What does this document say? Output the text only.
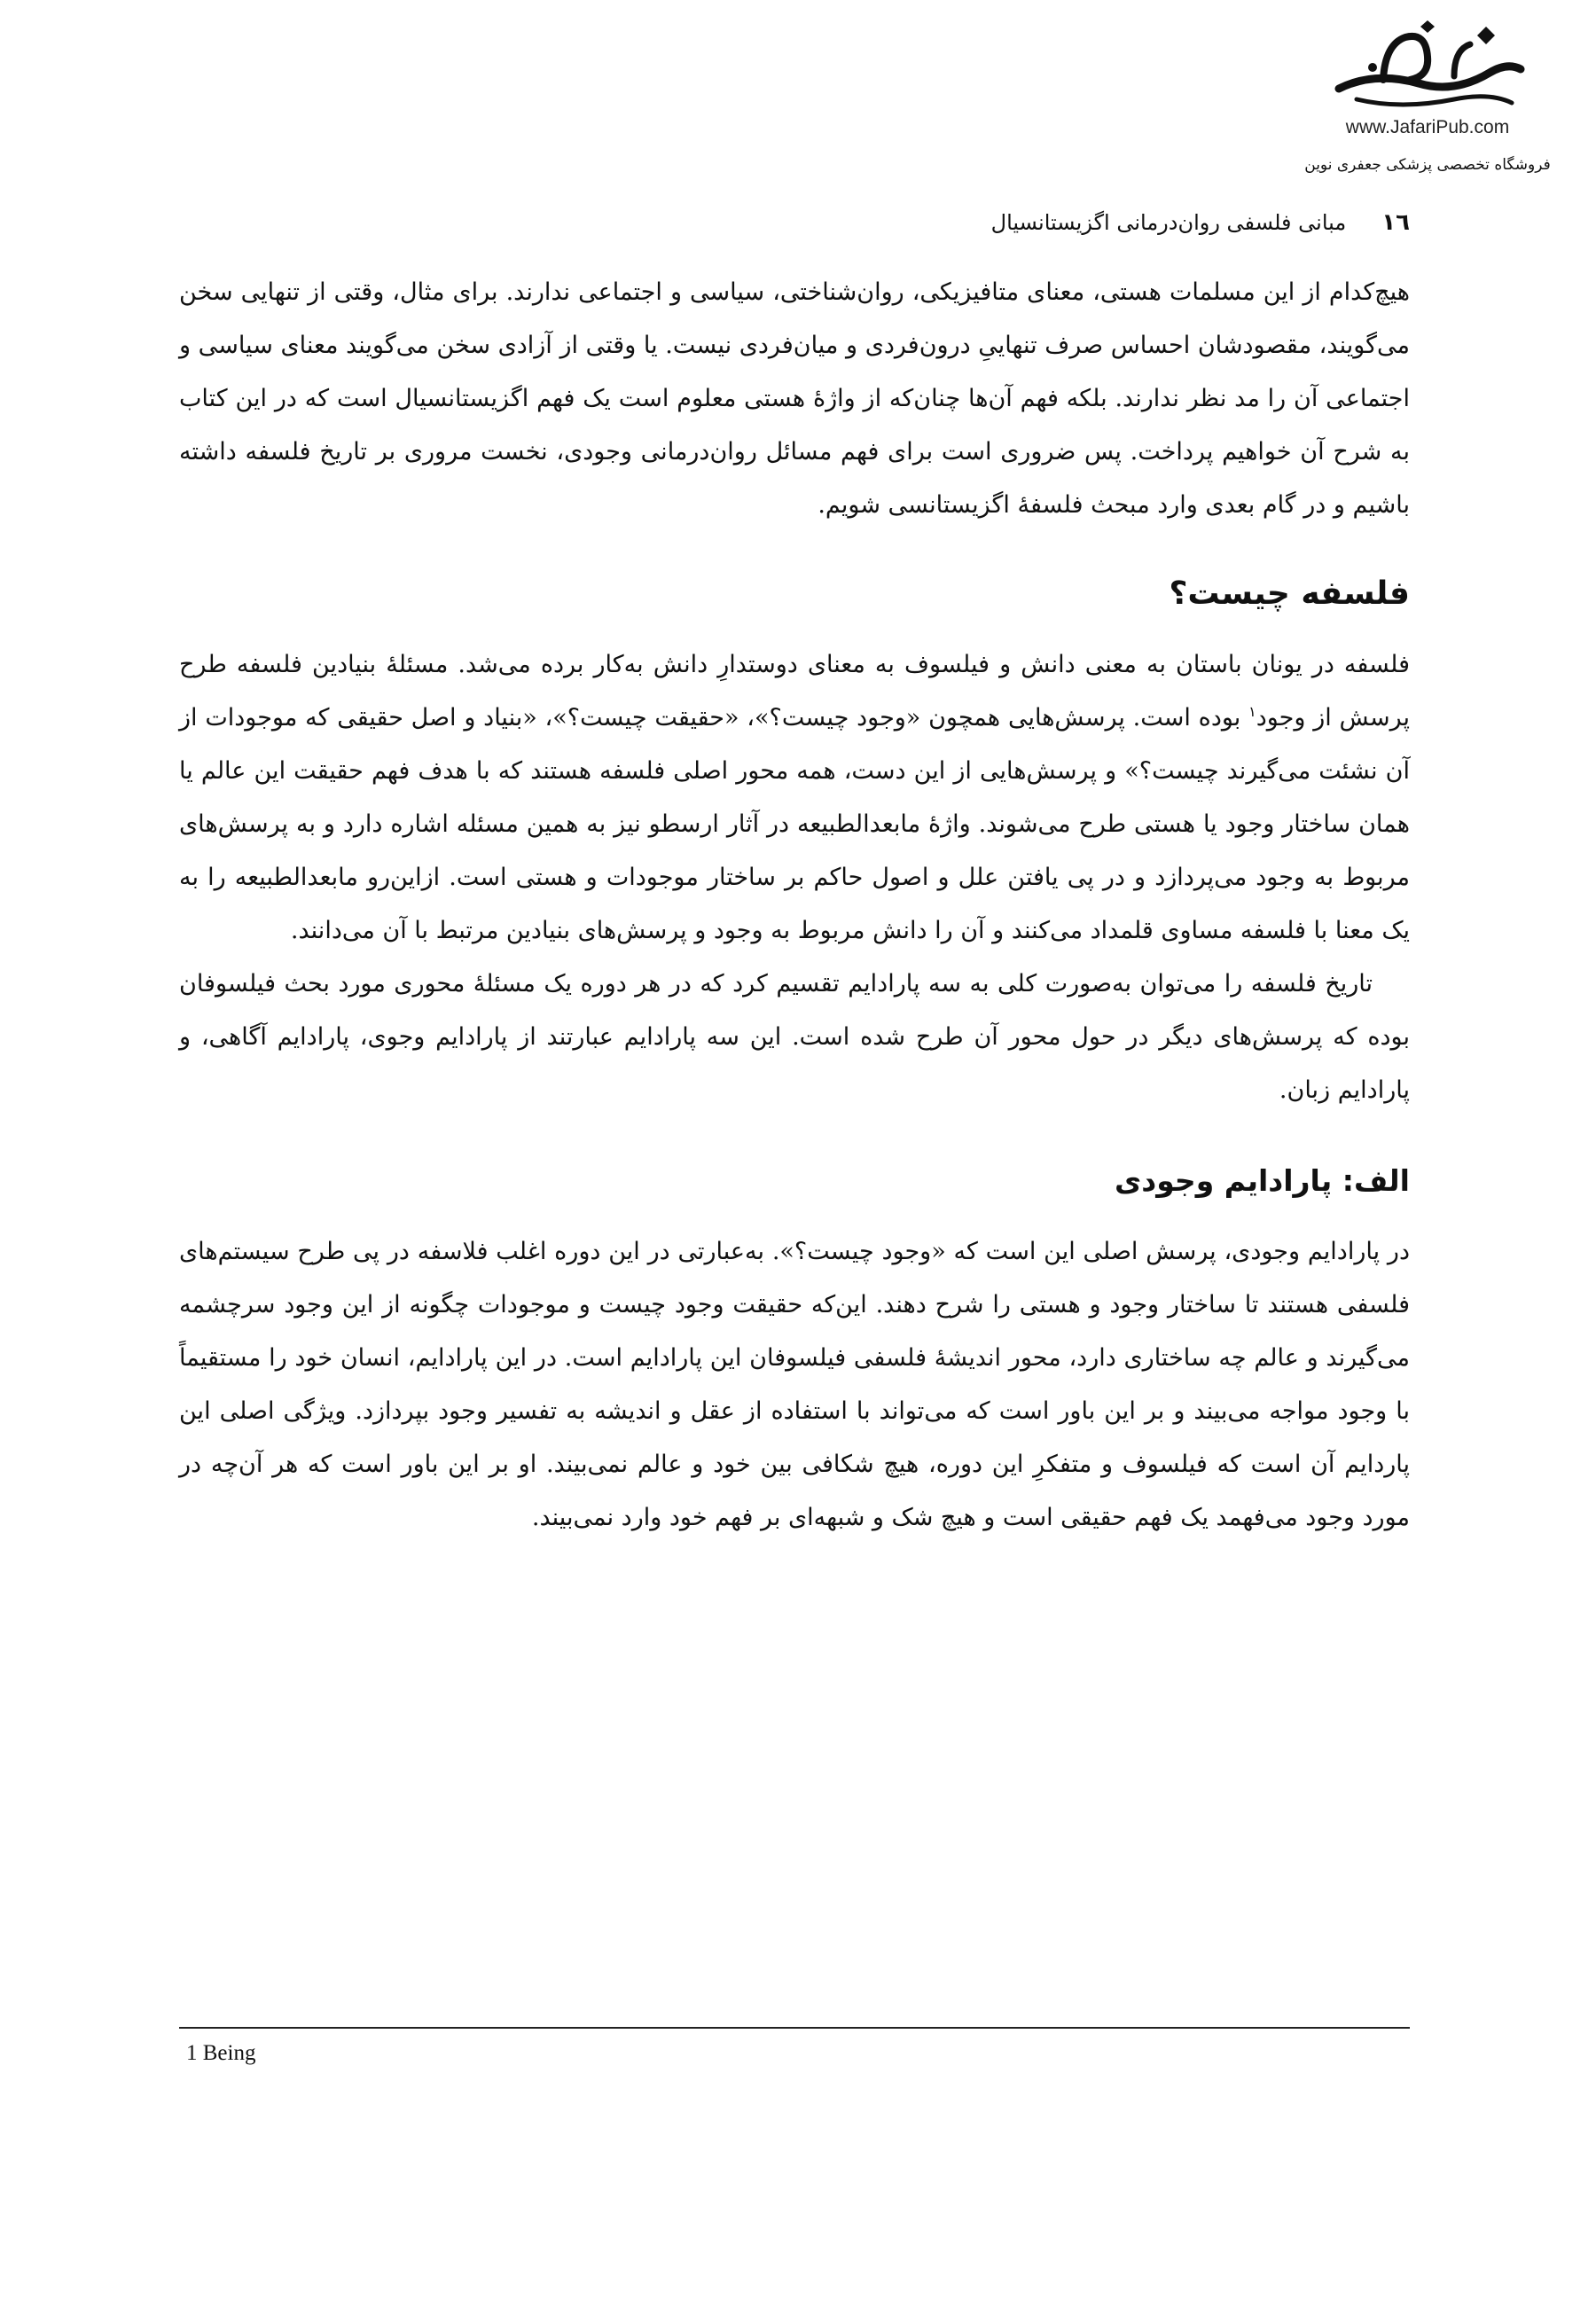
www.JafariPub.com
فروشگاه تخصصی پزشکی جعفری نوین
١٦
مبانی فلسفی روان‌درمانی اگزیستانسیال

هیچ‌کدام از این مسلمات هستی، معنای متافیزیکی، روان‌شناختی، سیاسی و اجتماعی ندارند. برای مثال، وقتی از تنهایی سخن می‌گویند، مقصودشان احساس صرف تنهاییِ درون‌فردی و میان‌فردی نیست. یا وقتی از آزادی سخن می‌گویند معنای سیاسی و اجتماعی آن را مد نظر ندارند. بلکه فهم آن‌ها چنان‌که از واژهٔ هستی معلوم است یک فهم اگزیستانسیال است که در این کتاب به شرح آن خواهیم پرداخت. پس ضروری است برای فهم مسائل روان‌درمانی وجودی، نخست مروری بر تاریخ فلسفه داشته باشیم و در گام بعدی وارد مبحث فلسفهٔ اگزیستانسی شویم.

فلسفه چیست؟

فلسفه در یونان باستان به معنی دانش و فیلسوف به معنای دوستدارِ دانش به‌کار برده می‌شد. مسئلهٔ بنیادین فلسفه طرح پرسش از وجود$^١$ بوده است. پرسش‌هایی همچون «وجود چیست؟»، «حقیقت چیست؟»، «بنیاد و اصل حقیقی که موجودات از آن نشئت می‌گیرند چیست؟» و پرسش‌هایی از این دست، همه محور اصلی فلسفه هستند که با هدف فهم حقیقت این عالم یا همان ساختار وجود یا هستی طرح می‌شوند. واژهٔ مابعدالطبیعه در آثار ارسطو نیز به همین مسئله اشاره دارد و به پرسش‌های مربوط به وجود می‌پردازد و در پی یافتن علل و اصول حاکم بر ساختار موجودات و هستی است. ازاین‌رو مابعدالطبیعه را به یک معنا با فلسفه مساوی قلمداد می‌کنند و آن را دانش مربوط به وجود و پرسش‌های بنیادین مرتبط با آن می‌دانند.

تاریخ فلسفه را می‌توان به‌صورت کلی به سه پارادایم تقسیم کرد که در هر دوره یک مسئلهٔ محوری مورد بحث فیلسوفان بوده که پرسش‌های دیگر در حول محور آن طرح شده است. این سه پارادایم عبارتند از پارادایم وجوی، پارادایم آگاهی، و پارادایم زبان.

الف: پارادایم وجودی

در پارادایم وجودی، پرسش اصلی این است که «وجود چیست؟». به‌عبارتی در این دوره اغلب فلاسفه در پی طرح سیستم‌های فلسفی هستند تا ساختار وجود و هستی را شرح دهند. این‌که حقیقت وجود چیست و موجودات چگونه از این وجود سرچشمه می‌گیرند و عالم چه ساختاری دارد، محور اندیشهٔ فلسفی فیلسوفان این پارادایم است. در این پارادایم، انسان خود را مستقیماً با وجود مواجه می‌بیند و بر این باور است که می‌تواند با استفاده از عقل و اندیشه به تفسیر وجود بپردازد. ویژگی اصلی این پاردایم آن است که فیلسوف و متفکرِ این دوره، هیچ شکافی بین خود و عالم نمی‌بیند. او بر این باور است که هر آن‌چه در مورد وجود می‌فهمد یک فهم حقیقی است و هیچ شک و شبهه‌ای بر فهم خود وارد نمی‌بیند.

1 Being
